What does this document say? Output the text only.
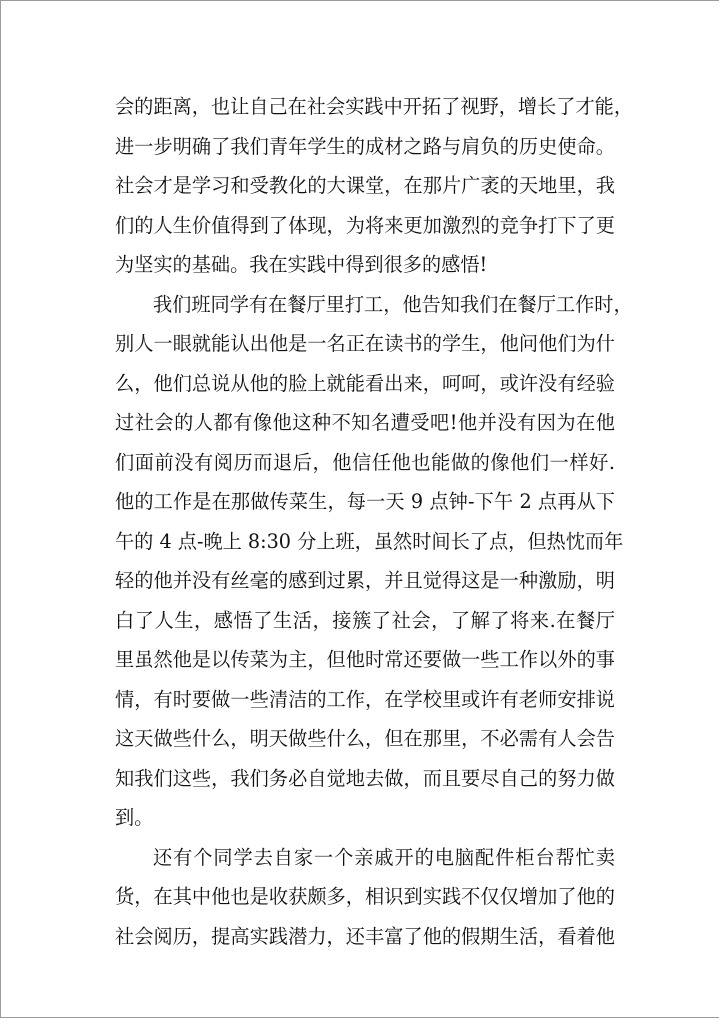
会的距离，也让自己在社会实践中开拓了视野，增长了才能，
进一步明确了我们青年学生的成材之路与肩负的历史使命。
社会才是学习和受教化的大课堂，在那片广袤的天地里，我
们的人生价值得到了体现，为将来更加激烈的竞争打下了更
为坚实的基础。我在实践中得到很多的感悟!
我们班同学有在餐厅里打工，他告知我们在餐厅工作时，
别人一眼就能认出他是一名正在读书的学生，他问他们为什
么，他们总说从他的脸上就能看出来，呵呵，或许没有经验
过社会的人都有像他这种不知名遭受吧!他并没有因为在他
们面前没有阅历而退后，他信任他也能做的像他们一样好.
他的工作是在那做传菜生，每一天 9 点钟-下午 2 点再从下
午的 4 点-晚上 8:30 分上班，虽然时间长了点，但热忱而年
轻的他并没有丝毫的感到过累，并且觉得这是一种激励，明
白了人生，感悟了生活，接簇了社会，了解了将来.在餐厅
里虽然他是以传菜为主，但他时常还要做一些工作以外的事
情，有时要做一些清洁的工作，在学校里或许有老师安排说
这天做些什么，明天做些什么，但在那里，不必需有人会告
知我们这些，我们务必自觉地去做，而且要尽自己的努力做
到。
还有个同学去自家一个亲戚开的电脑配件柜台帮忙卖
货，在其中他也是收获颇多，相识到实践不仅仅增加了他的
社会阅历，提高实践潜力，还丰富了他的假期生活，看着他
